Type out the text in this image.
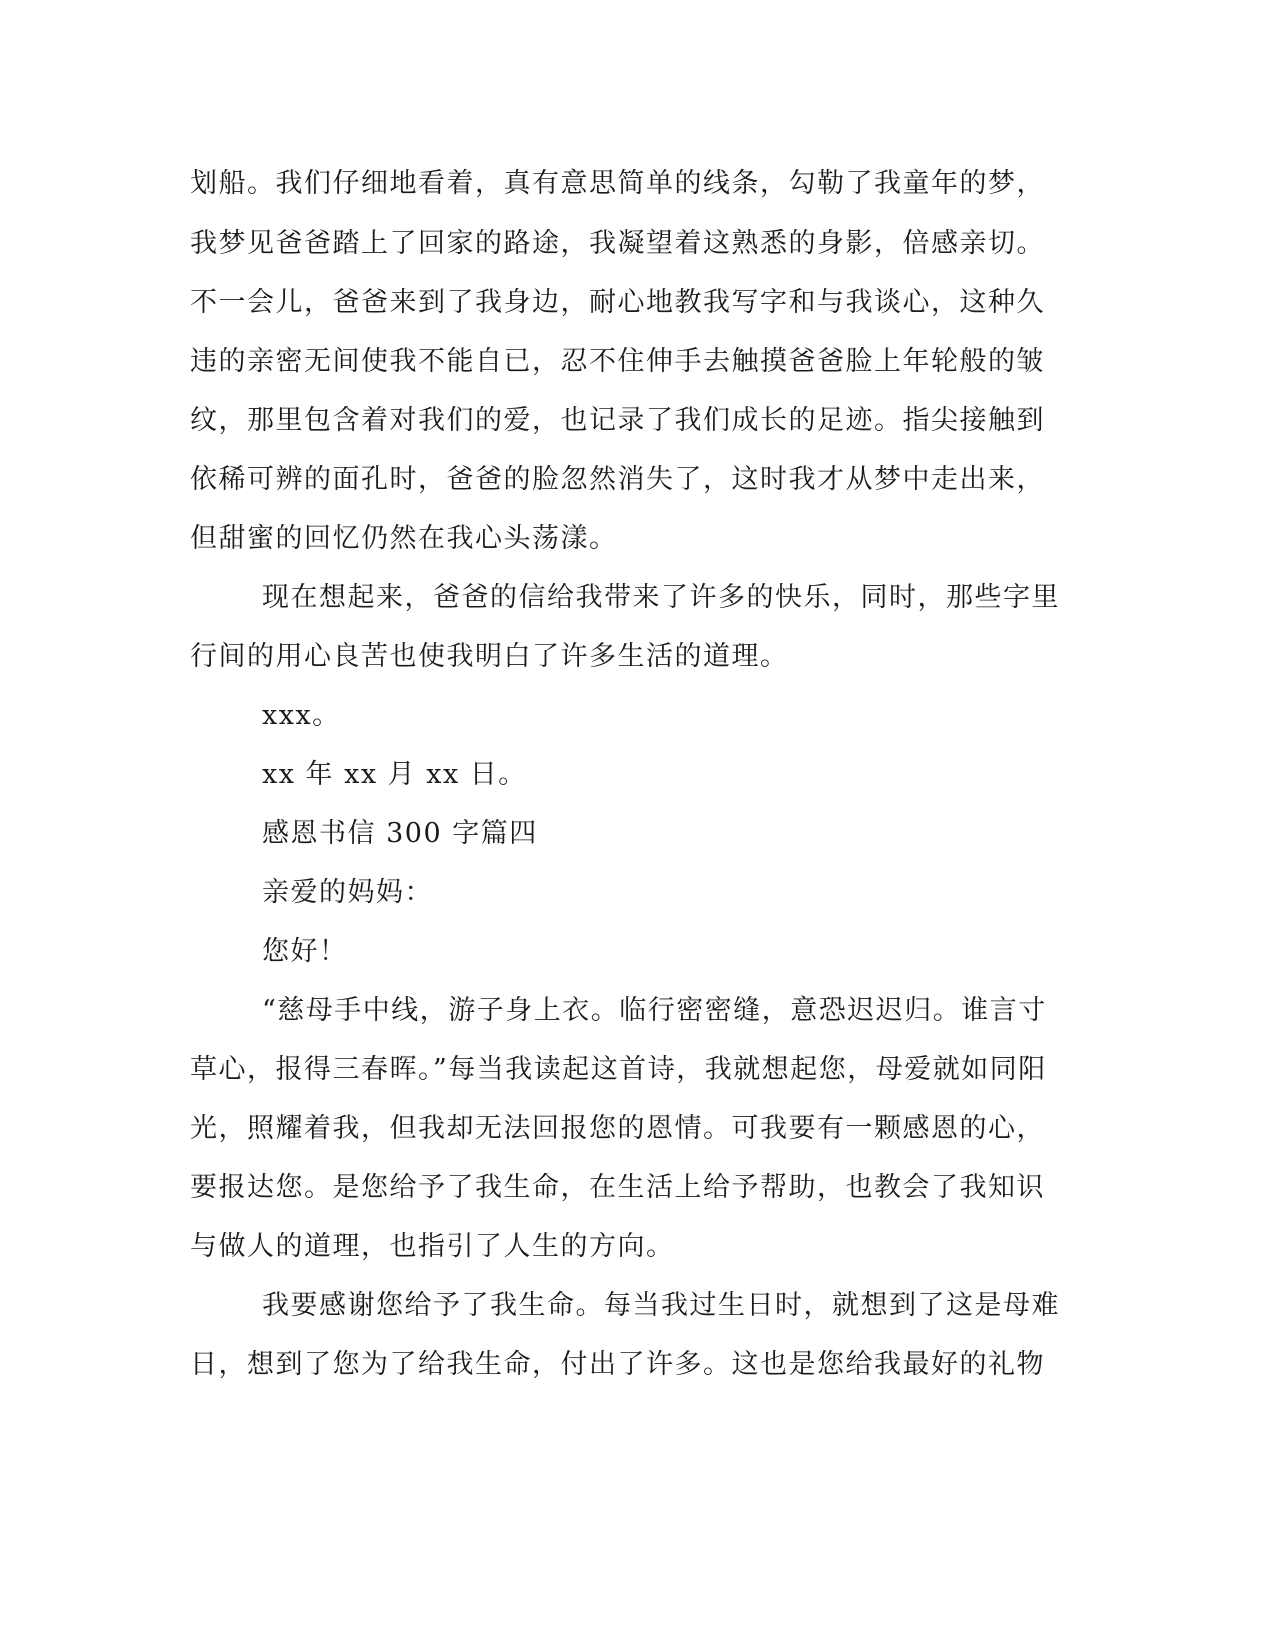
划船。我们仔细地看着，真有意思简单的线条，勾勒了我童年的梦，
我梦见爸爸踏上了回家的路途，我凝望着这熟悉的身影，倍感亲切。
不一会儿，爸爸来到了我身边，耐心地教我写字和与我谈心，这种久
违的亲密无间使我不能自已，忍不住伸手去触摸爸爸脸上年轮般的皱
纹，那里包含着对我们的爱，也记录了我们成长的足迹。指尖接触到
依稀可辨的面孔时，爸爸的脸忽然消失了，这时我才从梦中走出来，
但甜蜜的回忆仍然在我心头荡漾。
现在想起来，爸爸的信给我带来了许多的快乐，同时，那些字里
行间的用心良苦也使我明白了许多生活的道理。
xxx。
xx 年 xx 月 xx 日。
感恩书信 300 字篇四
亲爱的妈妈：
您好！
“慈母手中线，游子身上衣。临行密密缝，意恐迟迟归。谁言寸
草心，报得三春晖。”每当我读起这首诗，我就想起您，母爱就如同阳
光，照耀着我，但我却无法回报您的恩情。可我要有一颗感恩的心，
要报达您。是您给予了我生命，在生活上给予帮助，也教会了我知识
与做人的道理，也指引了人生的方向。
我要感谢您给予了我生命。每当我过生日时，就想到了这是母难
日，想到了您为了给我生命，付出了许多。这也是您给我最好的礼物
